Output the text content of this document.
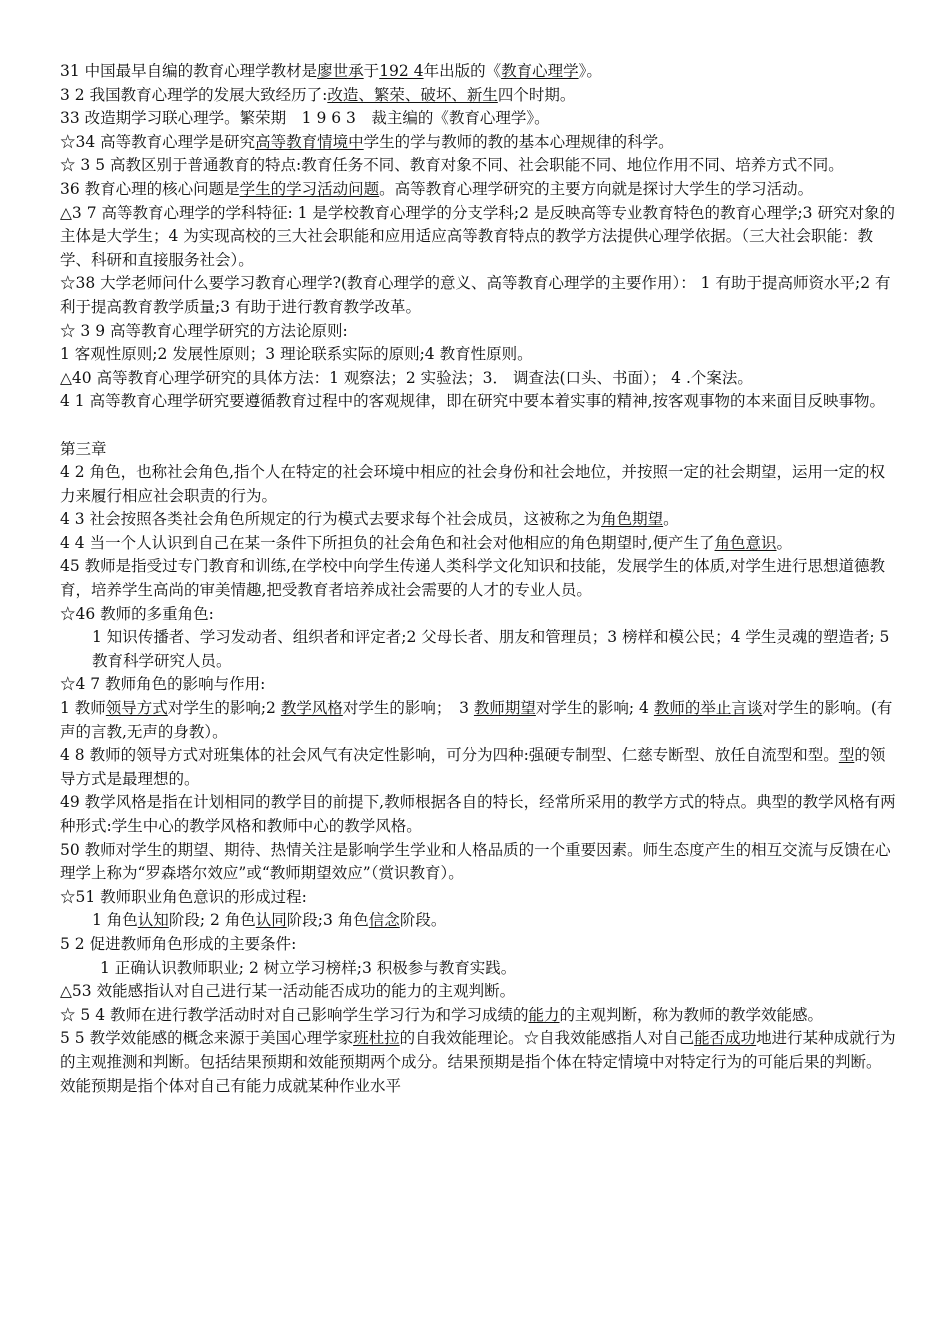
31 中国最早自编的教育心理学教材是廖世承于192 4年出版的《教育心理学》。
3 2 我国教育心理学的发展大致经历了:改造、繁荣、破坏、新生四个时期。
33 改造期学习联心理学。繁荣期　1 9 6 3　裁主编的《教育心理学》。
☆34 高等教育心理学是研究高等教育情境中学生的学与教师的教的基本心理规律的科学。
☆ 3 5 高教区别于普通教育的特点:教育任务不同、教育对象不同、社会职能不同、地位作用不同、培养方式不同。
36 教育心理的核心问题是学生的学习活动问题。高等教育心理学研究的主要方向就是探讨大学生的学习活动。
△3 7 高等教育心理学的学科特征: 1 是学校教育心理学的分支学科;2 是反映高等专业教育特色的教育心理学;3 研究对象的主体是大学生；4 为实现高校的三大社会职能和应用适应高等教育特点的教学方法提供心理学依据。（三大社会职能：教学、科研和直接服务社会）。
☆38 大学老师问什么要学习教育心理学?(教育心理学的意义、高等教育心理学的主要作用）： 1 有助于提高师资水平;2 有利于提高教育教学质量;3 有助于进行教育教学改革。
☆ 3 9 高等教育心理学研究的方法论原则:
1 客观性原则;2 发展性原则；3 理论联系实际的原则;4 教育性原则。
△40 高等教育心理学研究的具体方法：1 观察法；2 实验法；3． 调查法(口头、书面）； 4 .个案法。
4 1 高等教育心理学研究要遵循教育过程中的客观规律，即在研究中要本着实事的精神,按客观事物的本来面目反映事物。
第三章
4 2 角色，也称社会角色,指个人在特定的社会环境中相应的社会身份和社会地位，并按照一定的社会期望，运用一定的权力来履行相应社会职责的行为。
4 3 社会按照各类社会角色所规定的行为模式去要求每个社会成员，这被称之为角色期望。
4 4 当一个人认识到自己在某一条件下所担负的社会角色和社会对他相应的角色期望时,便产生了角色意识。
45 教师是指受过专门教育和训练,在学校中向学生传递人类科学文化知识和技能，发展学生的体质,对学生进行思想道德教育，培养学生高尚的审美情趣,把受教育者培养成社会需要的人才的专业人员。
☆46 教师的多重角色:
1 知识传播者、学习发动者、组织者和评定者;2 父母长者、朋友和管理员；3 榜样和模公民；4 学生灵魂的塑造者; 5 教育科学研究人员。
☆4 7 教师角色的影响与作用:
1 教师领导方式对学生的影响;2 教学风格对学生的影响；　3 教师期望对学生的影响; 4 教师的举止言谈对学生的影响。(有声的言教,无声的身教）。
4 8 教师的领导方式对班集体的社会风气有决定性影响，可分为四种:强硬专制型、仁慈专断型、放任自流型和型。型的领导方式是最理想的。
49 教学风格是指在计划相同的教学目的前提下,教师根据各自的特长，经常所采用的教学方式的特点。典型的教学风格有两种形式:学生中心的教学风格和教师中心的教学风格。
50 教师对学生的期望、期待、热情关注是影响学生学业和人格品质的一个重要因素。师生态度产生的相互交流与反馈在心理学上称为“罗森塔尔效应”或“教师期望效应”（赏识教育）。
☆51 教师职业角色意识的形成过程:
1 角色认知阶段; 2 角色认同阶段;3 角色信念阶段。
5 2 促进教师角色形成的主要条件:
1 正确认识教师职业; 2 树立学习榜样;3 积极参与教育实践。
△53 效能感指认对自己进行某一活动能否成功的能力的主观判断。
☆ 5 4 教师在进行教学活动时对自己影响学生学习行为和学习成绩的能力的主观判断，称为教师的教学效能感。
5 5 教学效能感的概念来源于美国心理学家班杜拉的自我效能理论。☆自我效能感指人对自己能否成功地进行某种成就行为的主观推测和判断。包括结果预期和效能预期两个成分。结果预期是指个体在特定情境中对特定行为的可能后果的判断。效能预期是指个体对自己有能力成就某种作业水平
